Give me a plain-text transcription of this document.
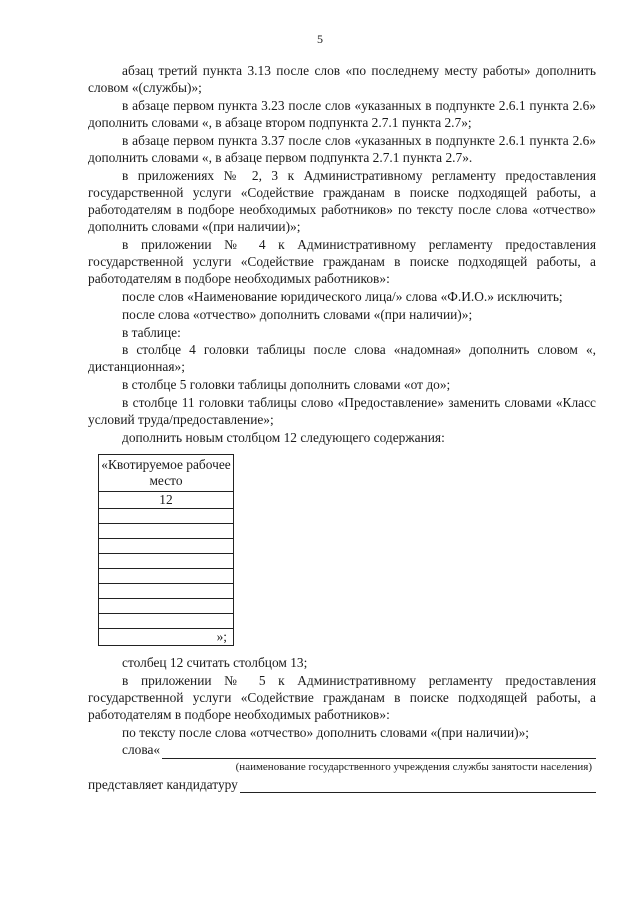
5

абзац третий пункта 3.13 после слов «по последнему месту работы» дополнить словом «(службы)»;

в абзаце первом пункта 3.23 после слов «указанных в подпункте 2.6.1 пункта 2.6» дополнить словами «, в абзаце втором подпункта 2.7.1 пункта 2.7»;

в абзаце первом пункта 3.37 после слов «указанных в подпункте 2.6.1 пункта 2.6» дополнить словами «, в абзаце первом подпункта 2.7.1 пункта 2.7».

в приложениях № 2, 3 к Административному регламенту предоставления государственной услуги «Содействие гражданам в поиске подходящей работы, а работодателям в подборе необходимых работников» по тексту после слова «отчество» дополнить словами «(при наличии)»;

в приложении № 4 к Административному регламенту предоставления государственной услуги «Содействие гражданам в поиске подходящей работы, а работодателям в подборе необходимых работников»:

после слов «Наименование юридического лица/» слова «Ф.И.О.» исключить;

после слова «отчество» дополнить словами «(при наличии)»;

в таблице:

в столбце 4 головки таблицы после слова «надомная» дополнить словом «, дистанционная»;

в столбце 5 головки таблицы дополнить словами «от до»;

в столбце 11 головки таблицы слово «Предоставление» заменить словами «Класс условий труда/предоставление»;

дополнить новым столбцом 12 следующего содержания:

«Квотируемое рабочее место
12

»;

столбец 12 считать столбцом 13;

в приложении № 5 к Административному регламенту предоставления государственной услуги «Содействие гражданам в поиске подходящей работы, а работодателям в подборе необходимых работников»:

по тексту после слова «отчество» дополнить словами «(при наличии)»;

слова«
(наименование государственного учреждения службы занятости населения)
представляет кандидатуру
